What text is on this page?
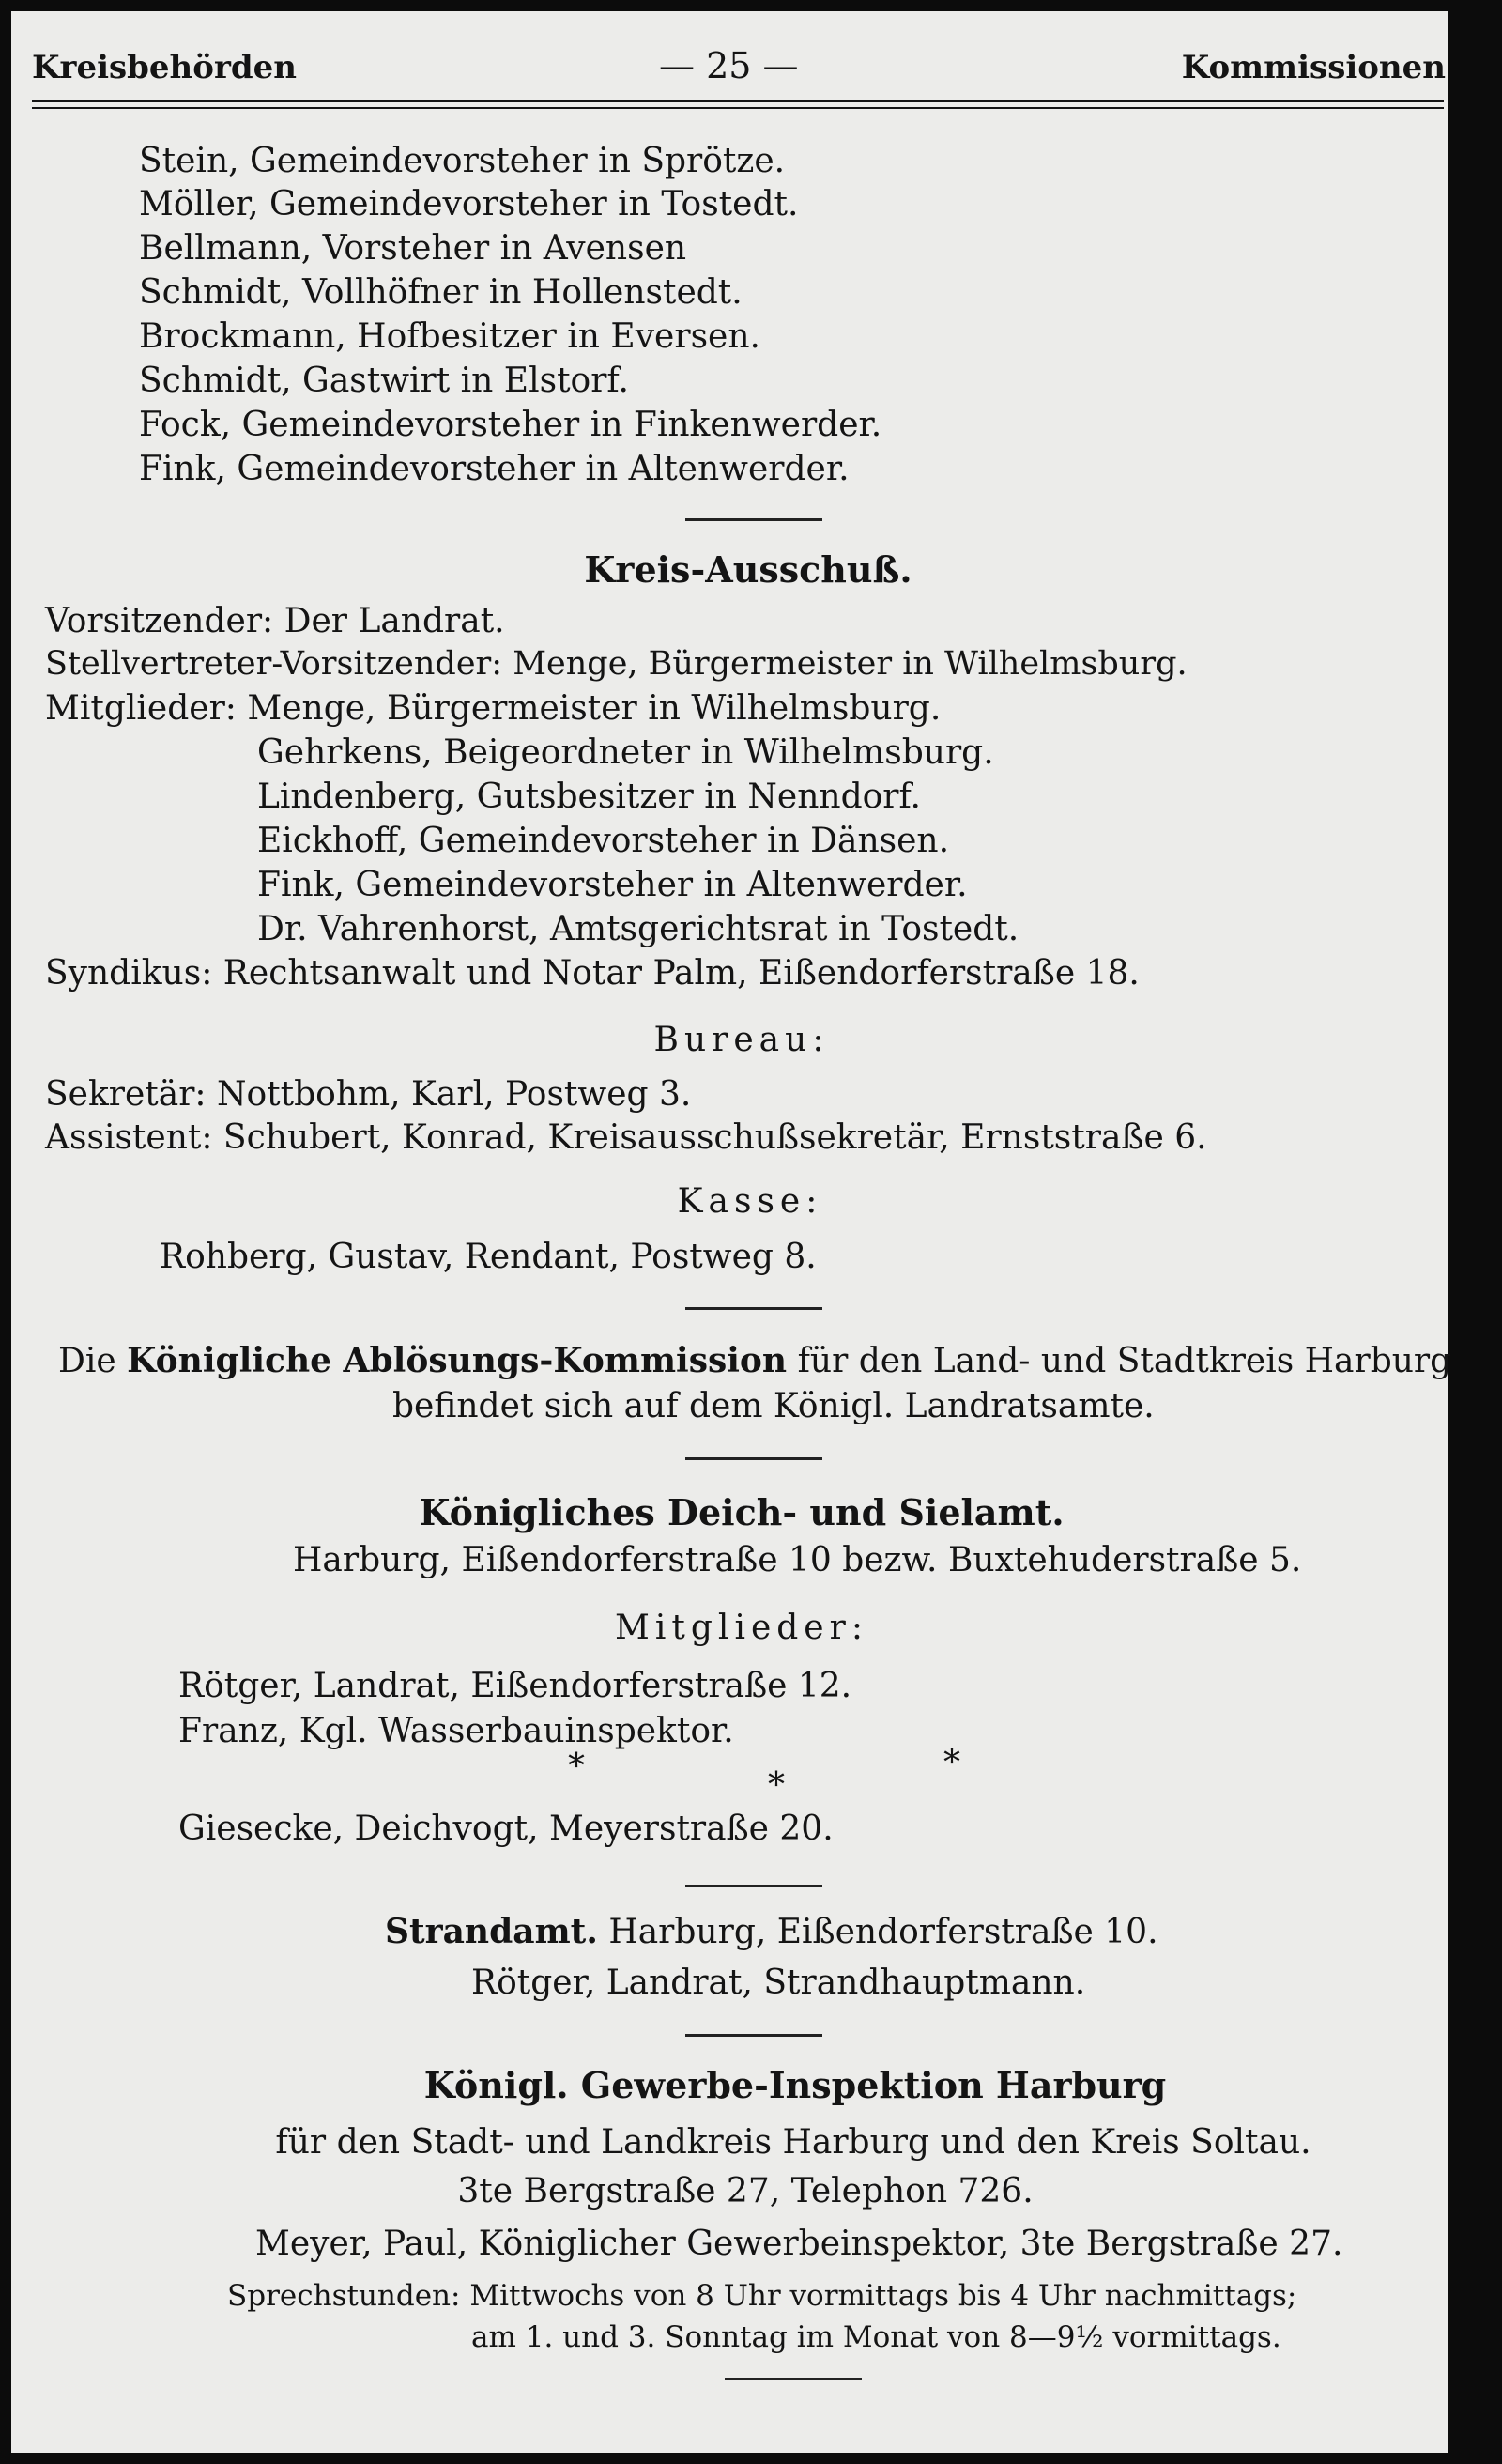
Kreisbehörden	— 25 —	Kommissionen
Stein, Gemeindevorsteher in Sprötze.
Möller, Gemeindevorsteher in Tostedt.
Bellmann, Vorsteher in Avensen
Schmidt, Vollhöfner in Hollenstedt.
Brockmann, Hofbesitzer in Eversen.
Schmidt, Gastwirt in Elstorf.
Fock, Gemeindevorsteher in Finkenwerder.
Fink, Gemeindevorsteher in Altenwerder.
Kreis-Ausschuß.
Vorsitzender: Der Landrat.
Stellvertreter-Vorsitzender: Menge, Bürgermeister in Wilhelmsburg.
Mitglieder: Menge, Bürgermeister in Wilhelmsburg.
Gehrkens, Beigeordneter in Wilhelmsburg.
Lindenberg, Gutsbesitzer in Nenndorf.
Eickhoff, Gemeindevorsteher in Dänsen.
Fink, Gemeindevorsteher in Altenwerder.
Dr. Vahrenhorst, Amtsgerichtsrat in Tostedt.
Syndikus: Rechtsanwalt und Notar Palm, Eißendorferstraße 18.
Bureau:
Sekretär: Nottbohm, Karl, Postweg 3.
Assistent: Schubert, Konrad, Kreisausschußsekretär, Ernststraße 6.
Kasse:
Rohberg, Gustav, Rendant, Postweg 8.
Die Königliche Ablösungs-Kommission für den Land- und Stadtkreis Harburg
befindet sich auf dem Königl. Landratsamte.
Königliches Deich- und Sielamt.
Harburg, Eißendorferstraße 10 bezw. Buxtehuderstraße 5.
Mitglieder:
Rötger, Landrat, Eißendorferstraße 12.
Franz, Kgl. Wasserbauinspektor.
*	*
*
Giesecke, Deichvogt, Meyerstraße 20.
Strandamt. Harburg, Eißendorferstraße 10.
Rötger, Landrat, Strandhauptmann.
Königl. Gewerbe-Inspektion Harburg
für den Stadt- und Landkreis Harburg und den Kreis Soltau.
3te Bergstraße 27, Telephon 726.
Meyer, Paul, Königlicher Gewerbeinspektor, 3te Bergstraße 27.
Sprechstunden: Mittwochs von 8 Uhr vormittags bis 4 Uhr nachmittags;
am 1. und 3. Sonntag im Monat von 8—9½ vormittags.
